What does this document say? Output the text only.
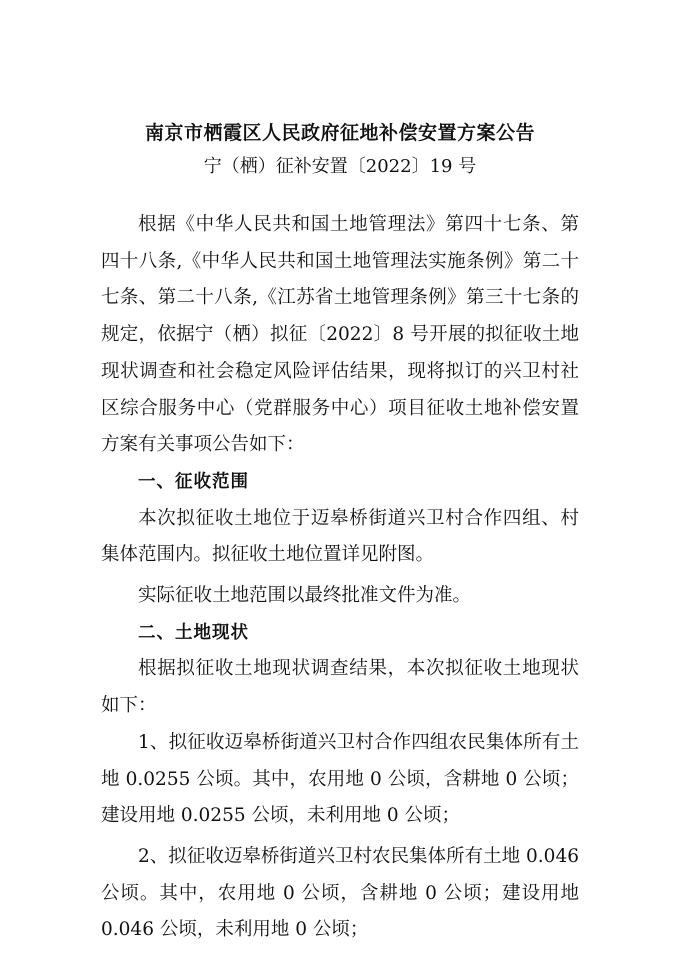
南京市栖霞区人民政府征地补偿安置方案公告
宁（栖）征补安置〔2022〕19 号

根据《中华人民共和国土地管理法》第四十七条、第四十八条,《中华人民共和国土地管理法实施条例》第二十七条、第二十八条,《江苏省土地管理条例》第三十七条的规定，依据宁（栖）拟征〔2022〕8 号开展的拟征收土地现状调查和社会稳定风险评估结果，现将拟订的兴卫村社区综合服务中心（党群服务中心）项目征收土地补偿安置方案有关事项公告如下：

一、征收范围

本次拟征收土地位于迈皋桥街道兴卫村合作四组、村集体范围内。拟征收土地位置详见附图。

实际征收土地范围以最终批准文件为准。

二、土地现状

根据拟征收土地现状调查结果，本次拟征收土地现状如下：

1、拟征收迈皋桥街道兴卫村合作四组农民集体所有土地 0.0255 公顷。其中，农用地 0 公顷，含耕地 0 公顷；建设用地 0.0255 公顷，未利用地 0 公顷；

2、拟征收迈皋桥街道兴卫村农民集体所有土地 0.046 公顷。其中，农用地 0 公顷，含耕地 0 公顷；建设用地 0.046 公顷，未利用地 0 公顷；
